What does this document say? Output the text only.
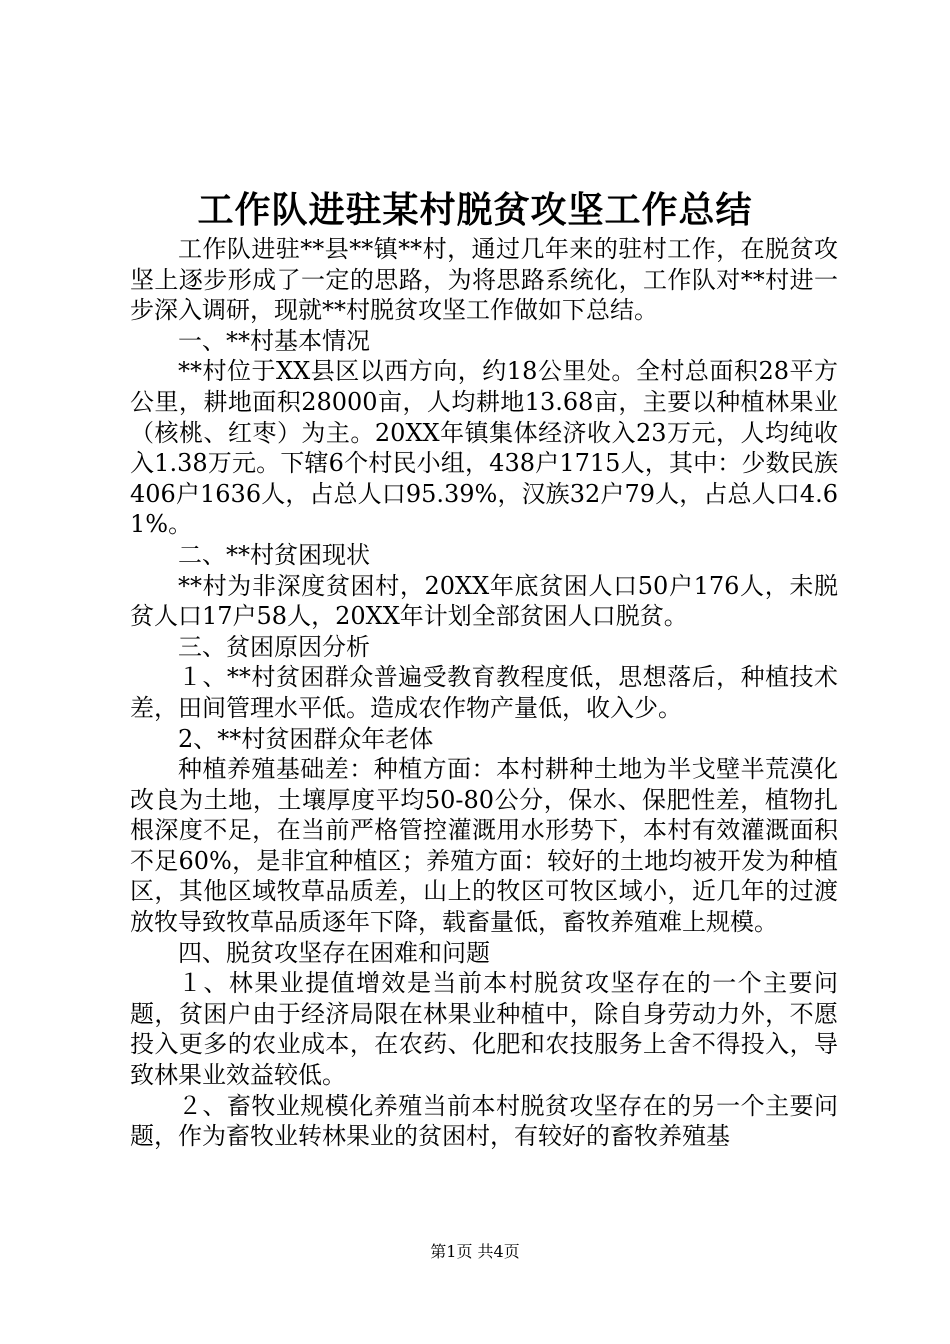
工作队进驻某村脱贫攻坚工作总结

工作队进驻**县**镇**村，通过几年来的驻村工作，在脱贫攻坚上逐步形成了一定的思路，为将思路系统化，工作队对**村进一步深入调研，现就**村脱贫攻坚工作做如下总结。

一、**村基本情况

**村位于XX县区以西方向，约18公里处。全村总面积28平方公里，耕地面积28000亩，人均耕地13.68亩，主要以种植林果业（核桃、红枣）为主。20XX年镇集体经济收入23万元，人均纯收入1.38万元。下辖6个村民小组，438户1715人，其中：少数民族406户1636人，占总人口95.39%，汉族32户79人，占总人口4.61%。

二、**村贫困现状

**村为非深度贫困村，20XX年底贫困人口50户176人，未脱贫人口17户58人，20XX年计划全部贫困人口脱贫。

三、贫困原因分析

１、**村贫困群众普遍受教育教程度低，思想落后，种植技术差，田间管理水平低。造成农作物产量低，收入少。

2、**村贫困群众年老体

种植养殖基础差：种植方面：本村耕种土地为半戈壁半荒漠化改良为土地，土壤厚度平均50-80公分，保水、保肥性差，植物扎根深度不足，在当前严格管控灌溉用水形势下，本村有效灌溉面积不足60%，是非宜种植区；养殖方面：较好的土地均被开发为种植区，其他区域牧草品质差，山上的牧区可牧区域小，近几年的过渡放牧导致牧草品质逐年下降，载畜量低，畜牧养殖难上规模。

四、脱贫攻坚存在困难和问题

１、林果业提值增效是当前本村脱贫攻坚存在的一个主要问题，贫困户由于经济局限在林果业种植中，除自身劳动力外，不愿投入更多的农业成本，在农药、化肥和农技服务上舍不得投入，导致林果业效益较低。

２、畜牧业规模化养殖当前本村脱贫攻坚存在的另一个主要问题，作为畜牧业转林果业的贫困村，有较好的畜牧养殖基

第1页 共4页
